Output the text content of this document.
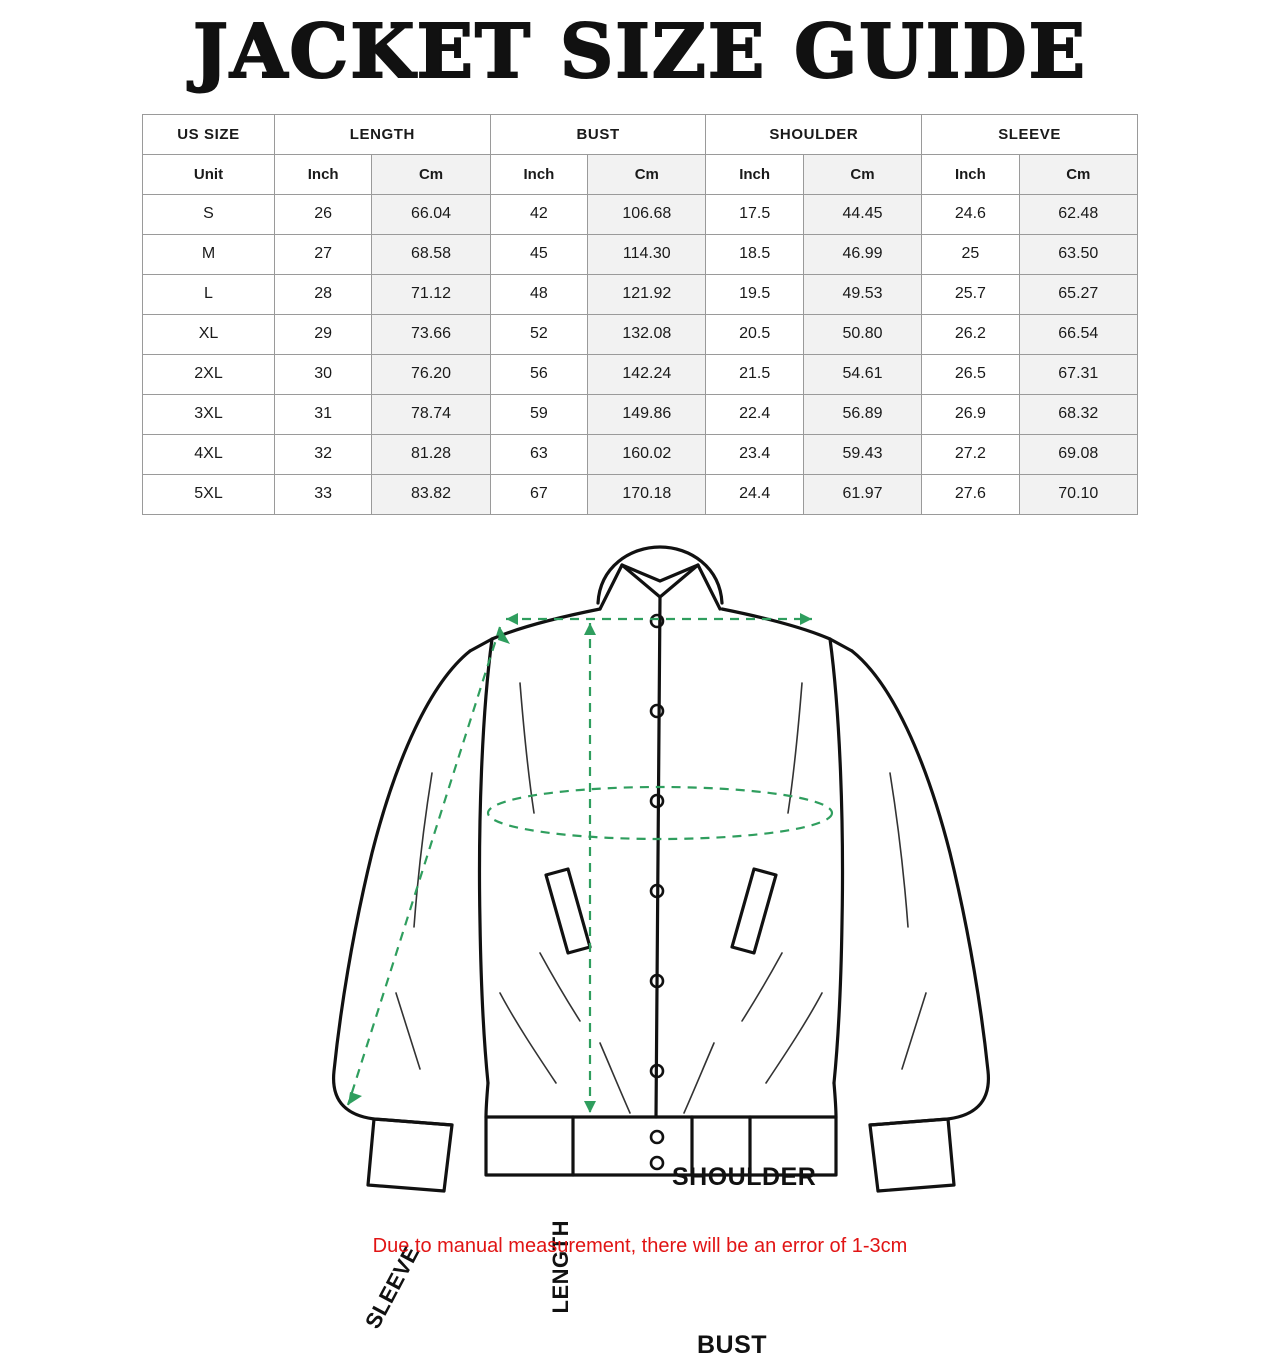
JACKET SIZE GUIDE
US SIZE	LENGTH		BUST		SHOULDER		SLEEVE	
Unit	Inch	Cm	Inch	Cm	Inch	Cm	Inch	Cm
S	26	66.04	42	106.68	17.5	44.45	24.6	62.48
M	27	68.58	45	114.30	18.5	46.99	25	63.50
L	28	71.12	48	121.92	19.5	49.53	25.7	65.27
XL	29	73.66	52	132.08	20.5	50.80	26.2	66.54
2XL	30	76.20	56	142.24	21.5	54.61	26.5	67.31
3XL	31	78.74	59	149.86	22.4	56.89	26.9	68.32
4XL	32	81.28	63	160.02	23.4	59.43	27.2	69.08
5XL	33	83.82	67	170.18	24.4	61.97	27.6	70.10
SHOULDER
BUST
LENGTH
SLEEVE
Due to manual measurement, there will be an error of 1-3cm
